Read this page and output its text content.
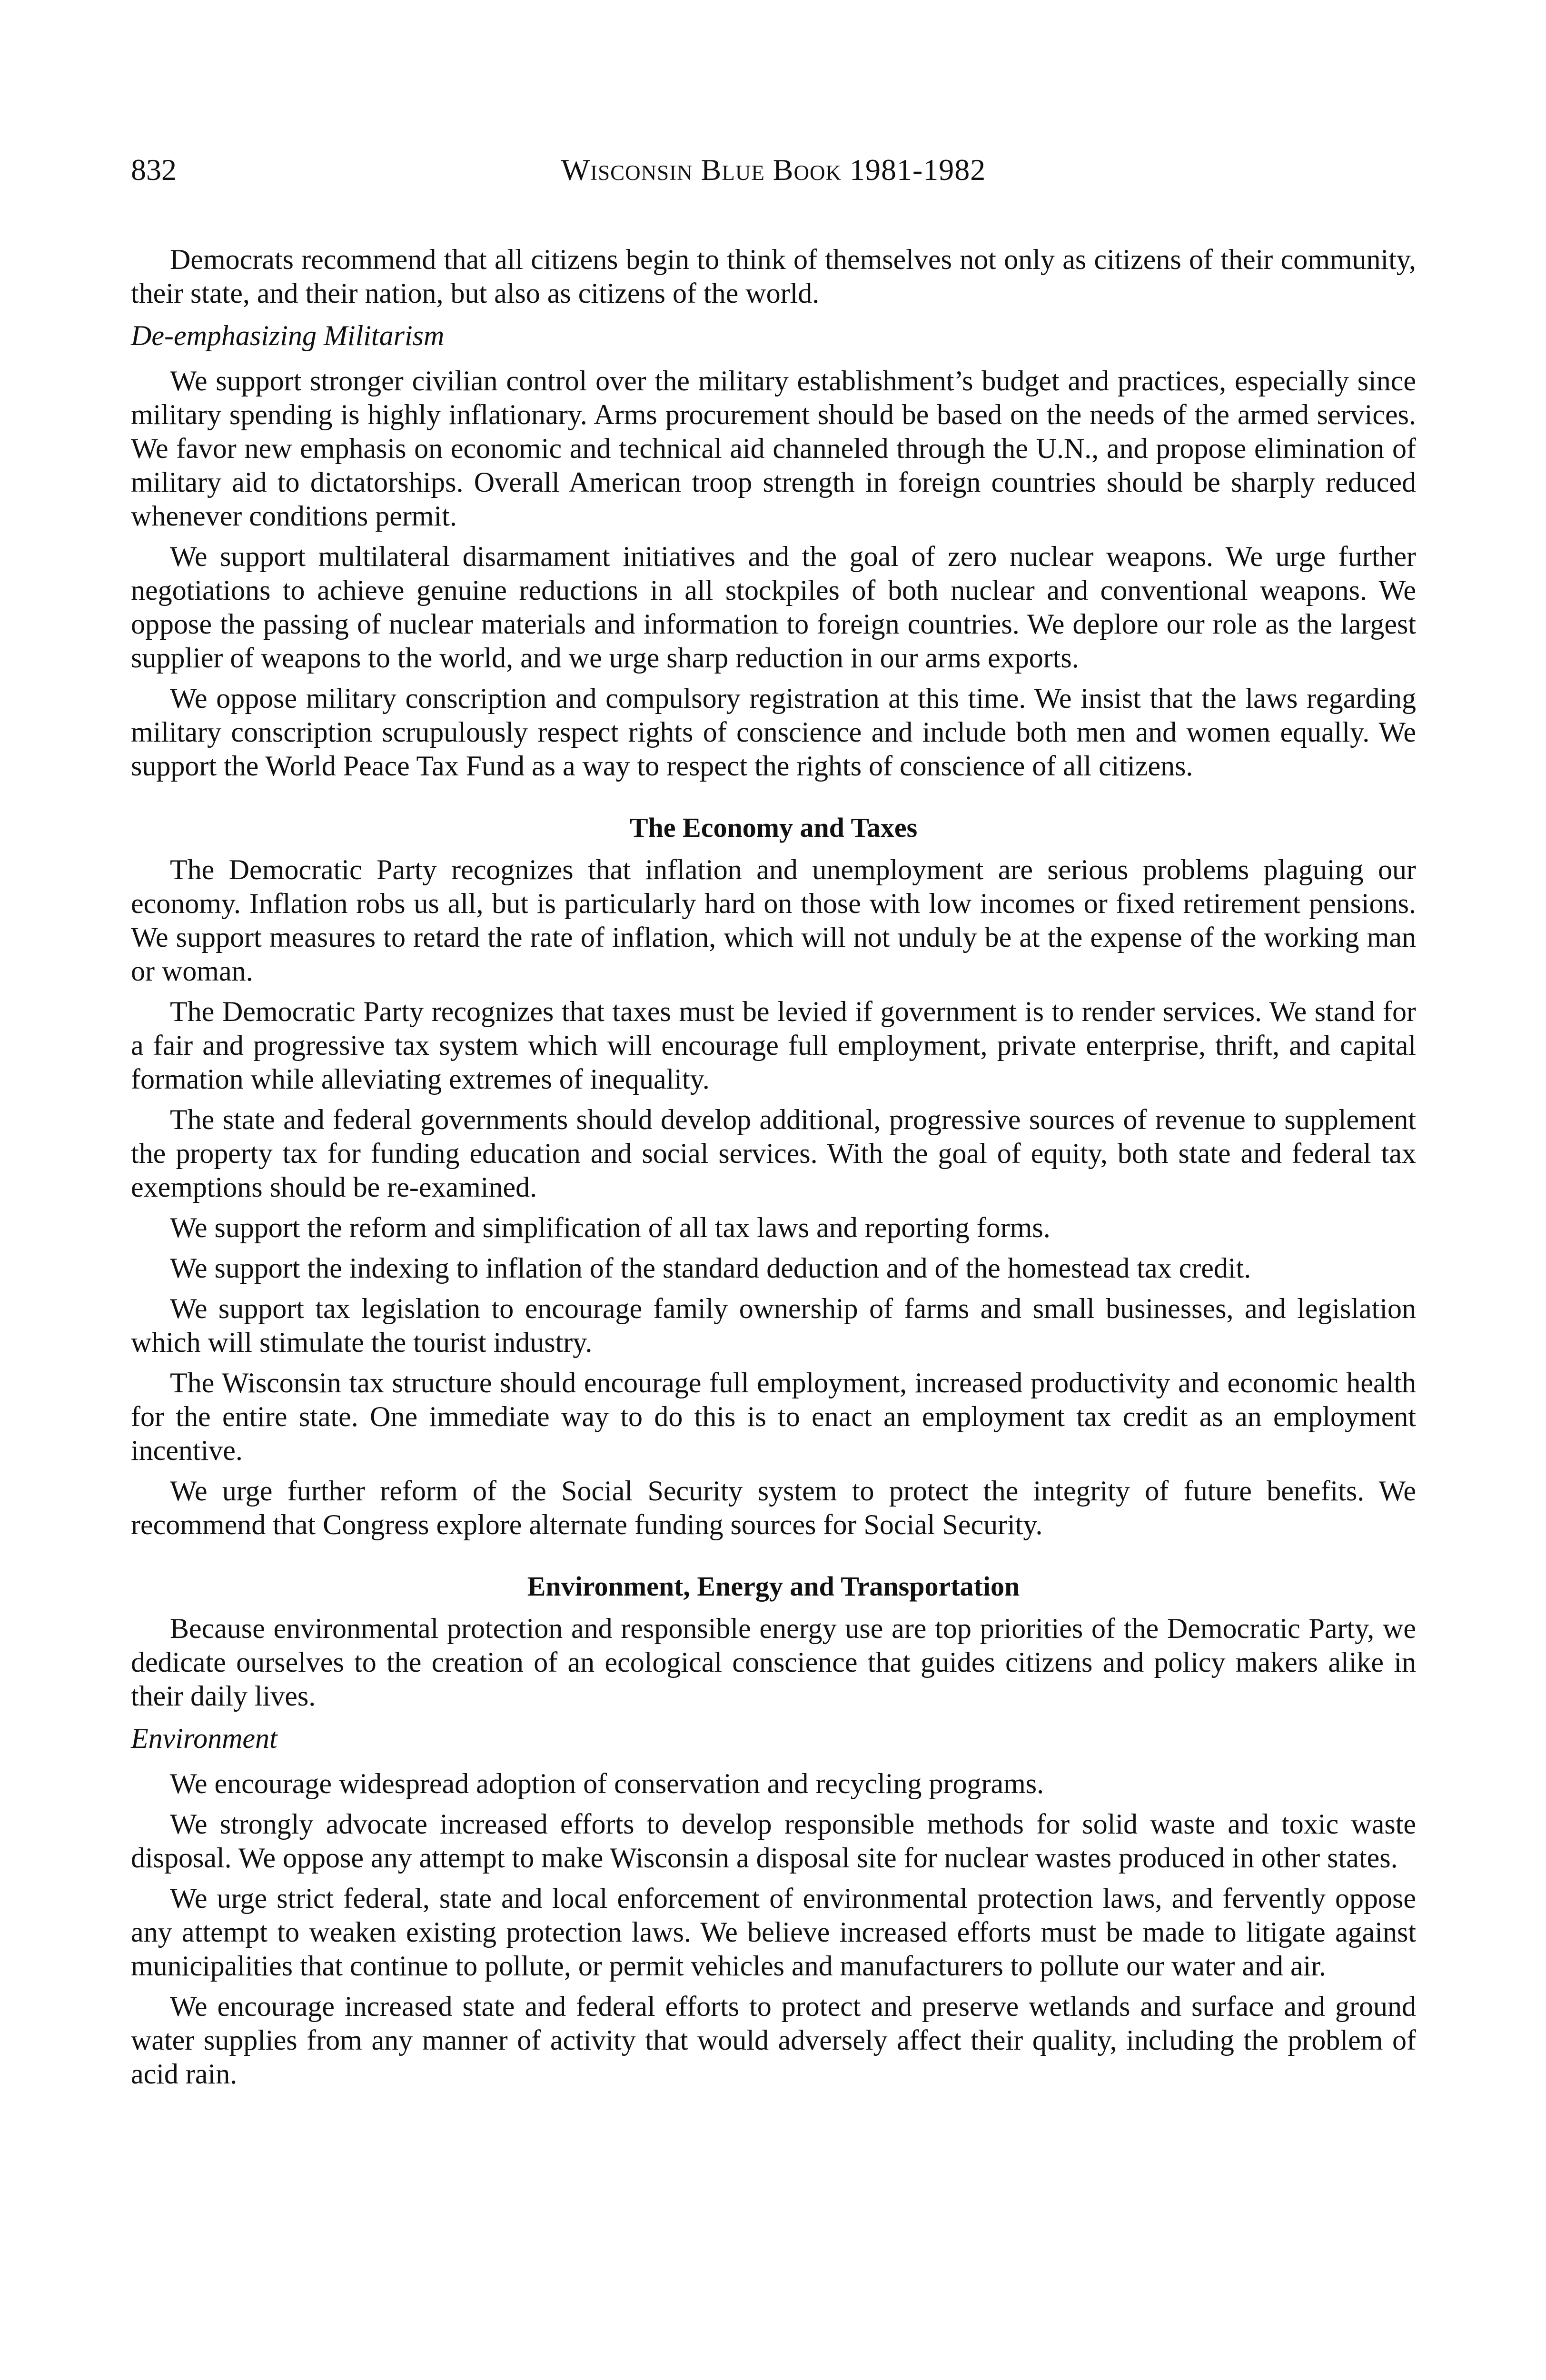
832	Wisconsin Blue Book 1981-1982

Democrats recommend that all citizens begin to think of themselves not only as citizens of their community, their state, and their nation, but also as citizens of the world.

De-emphasizing Militarism

We support stronger civilian control over the military establishment’s budget and practices, especially since military spending is highly inflationary. Arms procurement should be based on the needs of the armed services. We favor new emphasis on economic and technical aid channeled through the U.N., and propose elimination of military aid to dictatorships. Overall American troop strength in foreign countries should be sharply reduced whenever conditions permit.

We support multilateral disarmament initiatives and the goal of zero nuclear weapons. We urge further negotiations to achieve genuine reductions in all stockpiles of both nuclear and conventional weapons. We oppose the passing of nuclear materials and information to foreign countries. We deplore our role as the largest supplier of weapons to the world, and we urge sharp reduction in our arms exports.

We oppose military conscription and compulsory registration at this time. We insist that the laws regarding military conscription scrupulously respect rights of conscience and include both men and women equally. We support the World Peace Tax Fund as a way to respect the rights of conscience of all citizens.

The Economy and Taxes

The Democratic Party recognizes that inflation and unemployment are serious problems plaguing our economy. Inflation robs us all, but is particularly hard on those with low incomes or fixed retirement pensions. We support measures to retard the rate of inflation, which will not unduly be at the expense of the working man or woman.

The Democratic Party recognizes that taxes must be levied if government is to render services. We stand for a fair and progressive tax system which will encourage full employment, private enterprise, thrift, and capital formation while alleviating extremes of inequality.

The state and federal governments should develop additional, progressive sources of revenue to supplement the property tax for funding education and social services. With the goal of equity, both state and federal tax exemptions should be re-examined.

We support the reform and simplification of all tax laws and reporting forms.

We support the indexing to inflation of the standard deduction and of the homestead tax credit.

We support tax legislation to encourage family ownership of farms and small businesses, and legislation which will stimulate the tourist industry.

The Wisconsin tax structure should encourage full employment, increased productivity and economic health for the entire state. One immediate way to do this is to enact an employment tax credit as an employment incentive.

We urge further reform of the Social Security system to protect the integrity of future benefits. We recommend that Congress explore alternate funding sources for Social Security.

Environment, Energy and Transportation

Because environmental protection and responsible energy use are top priorities of the Democratic Party, we dedicate ourselves to the creation of an ecological conscience that guides citizens and policy makers alike in their daily lives.

Environment

We encourage widespread adoption of conservation and recycling programs.

We strongly advocate increased efforts to develop responsible methods for solid waste and toxic waste disposal. We oppose any attempt to make Wisconsin a disposal site for nuclear wastes produced in other states.

We urge strict federal, state and local enforcement of environmental protection laws, and fervently oppose any attempt to weaken existing protection laws. We believe increased efforts must be made to litigate against municipalities that continue to pollute, or permit vehicles and manufacturers to pollute our water and air.

We encourage increased state and federal efforts to protect and preserve wetlands and surface and ground water supplies from any manner of activity that would adversely affect their quality, including the problem of acid rain.
